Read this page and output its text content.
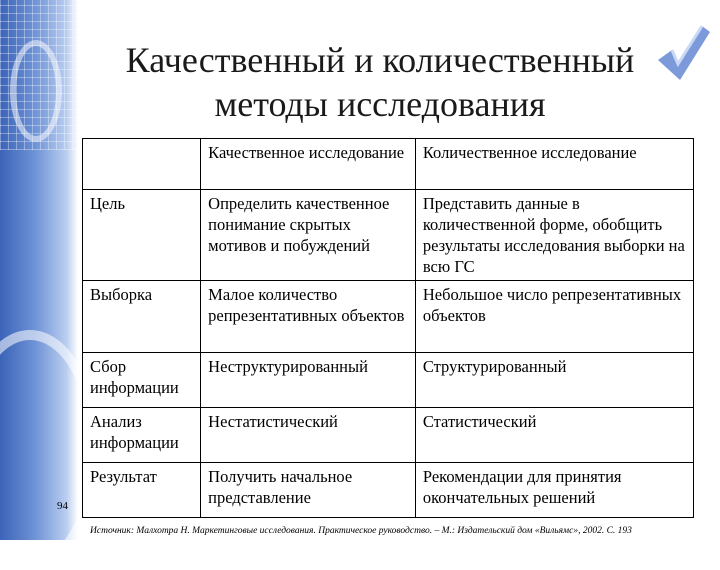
Качественный и количественный
методы исследования
	Качественное исследование	Количественное исследование
Цель	Определить качественное понимание скрытых мотивов и побуждений	Представить данные в количественной форме, обобщить результаты исследования выборки на всю ГС
Выборка	Малое количество репрезентативных объектов	Небольшое число репрезентативных объектов
Сбор информации	Неструктурированный	Структурированный
Анализ информации	Нестатистический	Статистический
Результат	Получить начальное представление	Рекомендации для принятия окончательных решений
94
Источник: Малхотра Н. Маркетинговые исследования. Практическое руководство. – М.: Издательский дом «Вильямс», 2002. С. 193
